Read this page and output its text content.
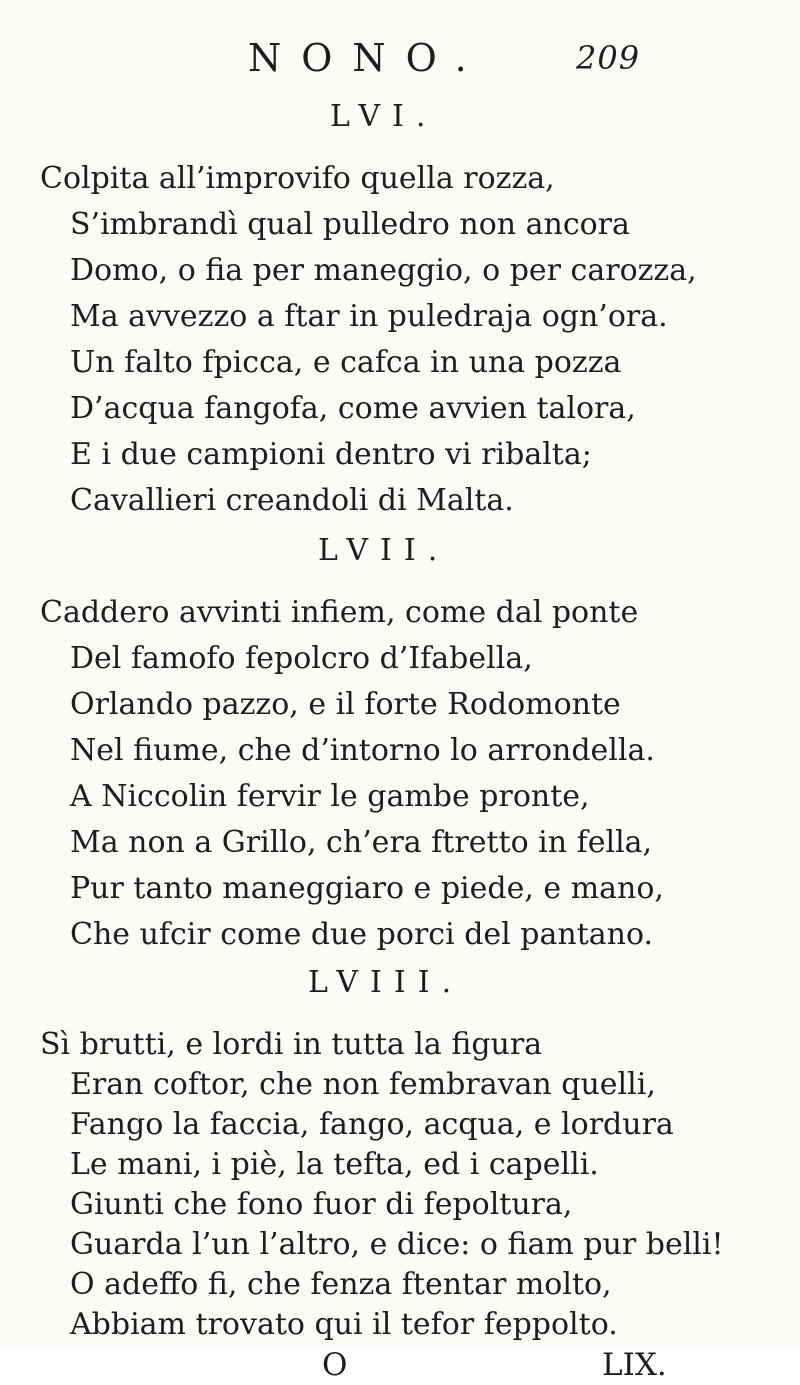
NONO.	209
LVI.
Colpita all’improvifo quella rozza,
S’imbrandì qual pulledro non ancora
Domo, o fia per maneggio, o per carozza,
Ma avvezzo a ftar in puledraja ogn’ora.
Un falto fpicca, e cafca in una pozza
D’acqua fangofa, come avvien talora,
E i due campioni dentro vi ribalta;
Cavallieri creandoli di Malta.
LVII.
Caddero avvinti infiem, come dal ponte
Del famofo fepolcro d’Ifabella,
Orlando pazzo, e il forte Rodomonte
Nel fiume, che d’intorno lo arrondella.
A Niccolin fervir le gambe pronte,
Ma non a Grillo, ch’era ftretto in fella,
Pur tanto maneggiaro e piede, e mano,
Che ufcir come due porci del pantano.
LVIII.
Sì brutti, e lordi in tutta la figura
Eran coftor, che non fembravan quelli,
Fango la faccia, fango, acqua, e lordura
Le mani, i piè, la tefta, ed i capelli.
Giunti che fono fuor di fepoltura,
Guarda l’un l’altro, e dice: o fiam pur belli!
O adeffo fi, che fenza ftentar molto,
Abbiam trovato qui il tefor feppolto.
O	LIX.
